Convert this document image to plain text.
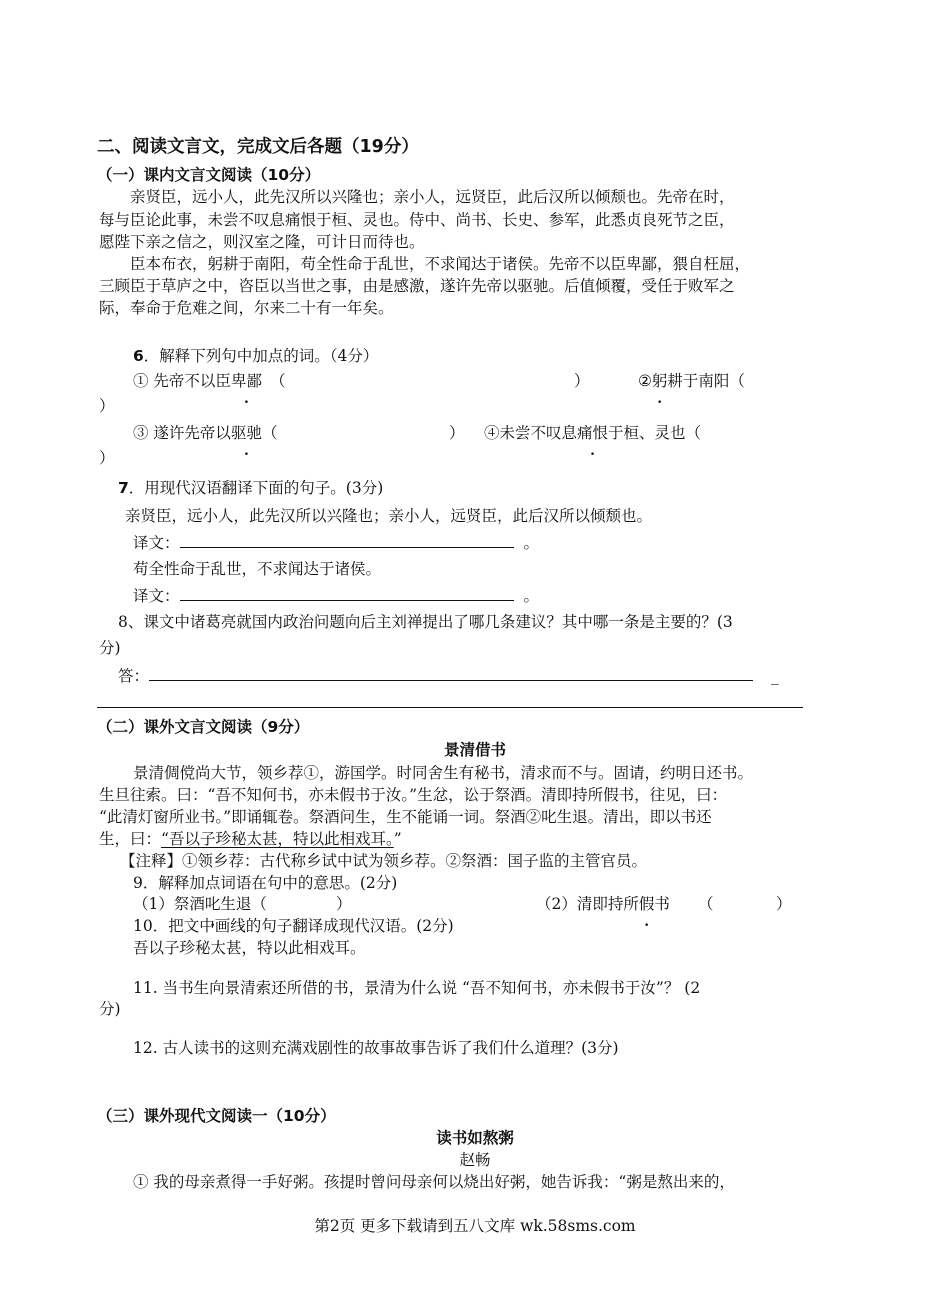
二、阅读文言文，完成文后各题（19分）
（一）课内文言文阅读（10分）
亲贤臣，远小人，此先汉所以兴隆也；亲小人，远贤臣，此后汉所以倾颓也。先帝在时，
每与臣论此事，未尝不叹息痛恨于桓、灵也。侍中、尚书、长史、参军，此悉贞良死节之臣，
愿陛下亲之信之，则汉室之隆，可计日而待也。
臣本布衣，躬耕于南阳，苟全性命于乱世，不求闻达于诸侯。先帝不以臣卑鄙，猥自枉屈，
三顾臣于草庐之中，咨臣以当世之事，由是感激，遂许先帝以驱驰。后值倾覆，受任于败军之
际，奉命于危难之间，尔来二十有一年矣。
6．解释下列句中加点的词。（4分）
① 先帝不以臣卑鄙 （	）	②躬耕于南阳（
）
③ 遂许先帝以驱驰（	） ④未尝不叹息痛恨于桓、灵也（
）
7．用现代汉语翻译下面的句子。(3分)
亲贤臣，远小人，此先汉所以兴隆也；亲小人，远贤臣，此后汉所以倾颓也。
译文：	。
苟全性命于乱世，不求闻达于诸侯。
译文：	。
8、课文中诸葛亮就国内政治问题向后主刘禅提出了哪几条建议？其中哪一条是主要的？(3
分)
答：	_
（二）课外文言文阅读（9分）
景清借书
景清倜傥尚大节，领乡荐①，游国学。时同舍生有秘书，清求而不与。固请，约明日还书。
生旦往索。曰：“吾不知何书，亦未假书于汝。”生忿，讼于祭酒。清即持所假书，往见，曰：
“此清灯窗所业书。”即诵辄卷。祭酒问生，生不能诵一词。祭酒②叱生退。清出，即以书还
生，曰：“吾以子珍秘太甚，特以此相戏耳。”
【注释】①领乡荐：古代称乡试中试为领乡荐。②祭酒：国子监的主管官员。
9．解释加点词语在句中的意思。(2分)
（1）祭酒叱生退（	）	（2）清即持所假书 （	）
10．把文中画线的句子翻译成现代汉语。(2分)
吾以子珍秘太甚，特以此相戏耳。
11. 当书生向景清索还所借的书，景清为什么说 “吾不知何书，亦未假书于汝”？ (2
分)
12. 古人读书的这则充满戏剧性的故事故事告诉了我们什么道理？(3分)
（三）课外现代文阅读一（10分）
读书如熬粥
赵畅
① 我的母亲煮得一手好粥。孩提时曾问母亲何以烧出好粥，她告诉我：“粥是熬出来的，
第2页 更多下载请到五八文库 wk.58sms.com
